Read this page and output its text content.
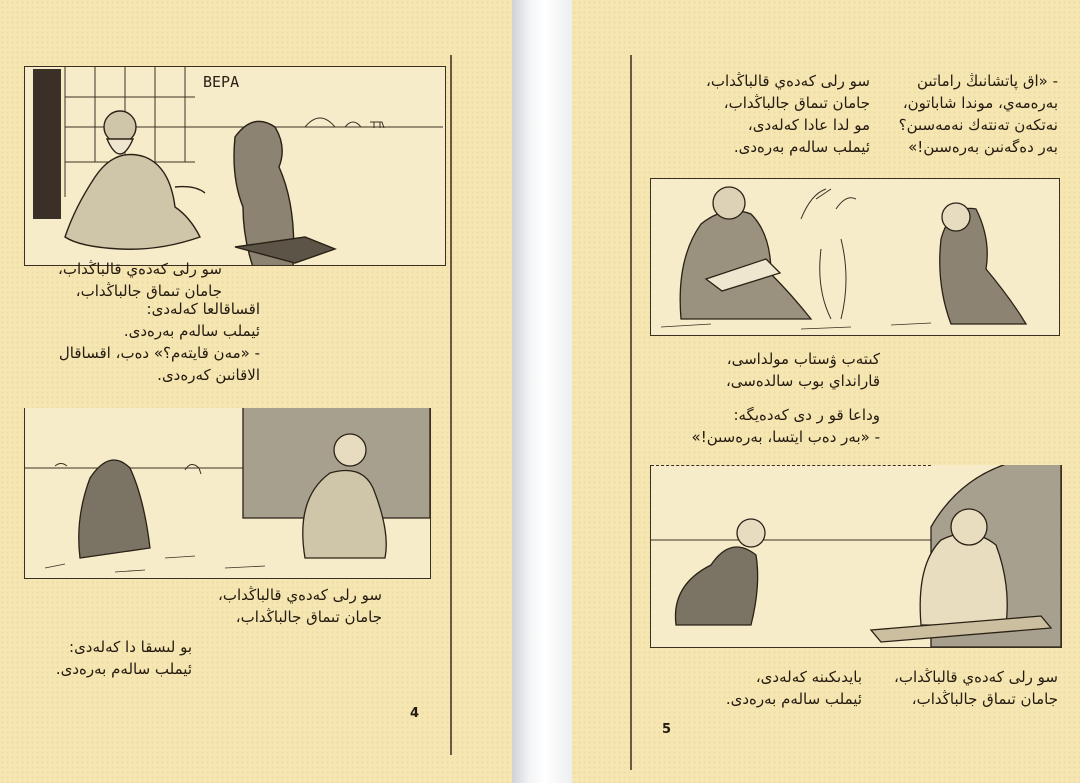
ВЕРА
سو رلى كەدەي قالباڭداب،
جامان تىماق جالباڭداب،
اقساقالعا كەلەدى:
ئيملب سالەم بەرەدى.
- «مەن قايتەم؟» دەب، اقساقال
الاقانىن كەرەدى.
سو رلى كەدەي قالباڭداب،
جامان تىماق جالباڭداب،
بو لىسقا دا كەلەدى:
ئيملب سالەم بەرەدى.
4
سو رلى كەدەي قالباڭداب،
جامان تىماق جالباڭداب،
مو لدا عادا كەلەدى،
ئيملب سالەم بەرەدى.
- «اق پاتشانىڭ راماتىن
بەرەمەي، موندا شاباتون،
نەتكەن تەنتەك نەمەسىن؟
بەر دەگەنىن بەرەسىن!»
كىتەب ۋستاب مولداسى،
قارانداي بوب سالدەسى،
وداعا قو ر دى كەدەيگە:
- «بەر دەب ايتسا، بەرەسىن!»
بايدىكىنە كەلەدى،
ئيملب سالەم بەرەدى.
سو رلى كەدەي قالباڭداب،
جامان تىماق جالباڭداب،
5
